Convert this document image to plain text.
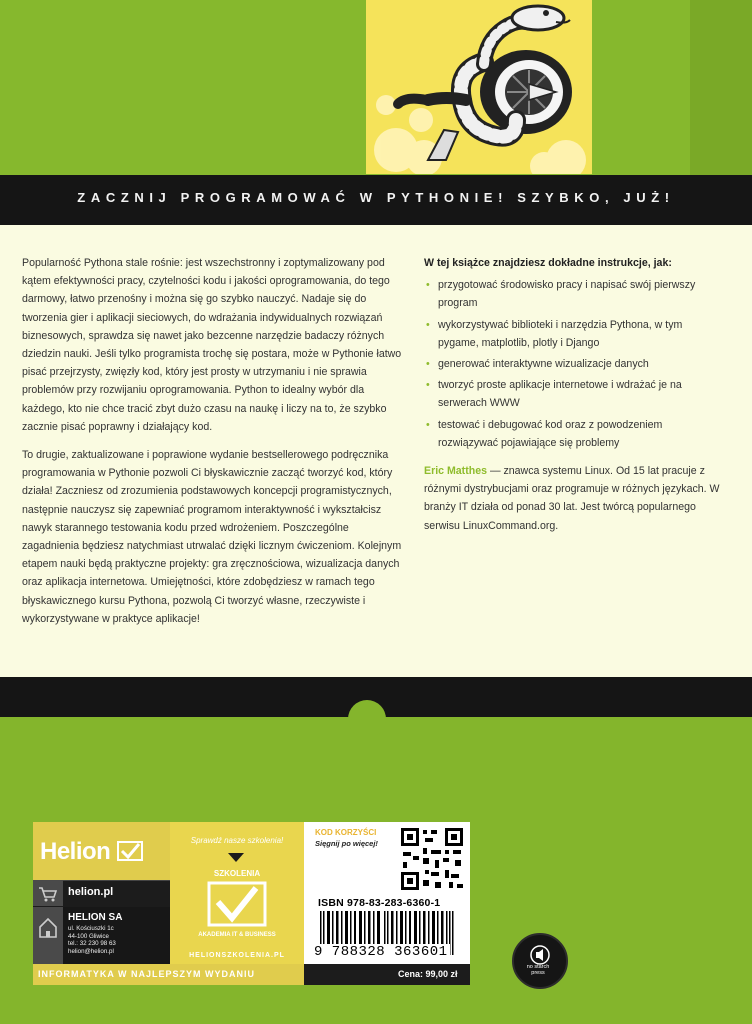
ZACZNIJ PROGRAMOWAĆ W PYTHONIE! SZYBKO, JUŻ!

Popularność Pythona stale rośnie: jest wszechstronny i zoptymalizowany pod kątem efektywności pracy, czytelności kodu i jakości oprogramowania, do tego darmowy, łatwo przenośny i można się go szybko nauczyć. Nadaje się do tworzenia gier i aplikacji sieciowych, do wdrażania indywidualnych rozwiązań biznesowych, sprawdza się nawet jako bezcenne narzędzie badaczy różnych dziedzin nauki. Jeśli tylko programista trochę się postara, może w Pythonie łatwo pisać przejrzysty, zwięzły kod, który jest prosty w utrzymaniu i nie sprawia problemów przy rozwijaniu oprogramowania. Python to idealny wybór dla każdego, kto nie chce tracić zbyt dużo czasu na naukę i liczy na to, że szybko zacznie pisać poprawny i działający kod.

To drugie, zaktualizowane i poprawione wydanie bestsellerowego podręcznika programowania w Pythonie pozwoli Ci błyskawicznie zacząć tworzyć kod, który działa! Zaczniesz od zrozumienia podstawowych koncepcji programistycznych, następnie nauczysz się zapewniać programom interaktywność i wykształcisz nawyk starannego testowania kodu przed wdrożeniem. Poszczególne zagadnienia będziesz natychmiast utrwalać dzięki licznym ćwiczeniom. Kolejnym etapem nauki będą praktyczne projekty: gra zręcznościowa, wizualizacja danych oraz aplikacja internetowa. Umiejętności, które zdobędziesz w ramach tego błyskawicznego kursu Pythona, pozwolą Ci tworzyć własne, rzeczywiste i wykorzystywane w praktyce aplikacje!

W tej książce znajdziesz dokładne instrukcje, jak:
• przygotować środowisko pracy i napisać swój pierwszy program
• wykorzystywać biblioteki i narzędzia Pythona, w tym pygame, matplotlib, plotly i Django
• generować interaktywne wizualizacje danych
• tworzyć proste aplikacje internetowe i wdrażać je na serwerach WWW
• testować i debugować kod oraz z powodzeniem rozwiązywać pojawiające się problemy
Eric Matthes — znawca systemu Linux. Od 15 lat pracuje z różnymi dystrybucjami oraz programuje w różnych językach. W branży IT działa od ponad 30 lat. Jest twórcą popularnego serwisu LinuxCommand.org.
Helion
helion.pl
HELION SA
ul. Kościuszki 1c
44-100 Gliwice
tel.: 32 230 98 63
helion@helion.pl
Sprawdź nasze szkolenia!
SZKOLENIA
AKADEMIA IT & BUSINESS
HELIONSZKOLENIA.PL
INFORMATYKA W NAJLEPSZYM WYDANIU
KOD KORZYŚCI
Sięgnij po więcej!
ISBN 978-83-283-6360-1
9 788328 363601
Cena: 99,00 zł
no starch
press
